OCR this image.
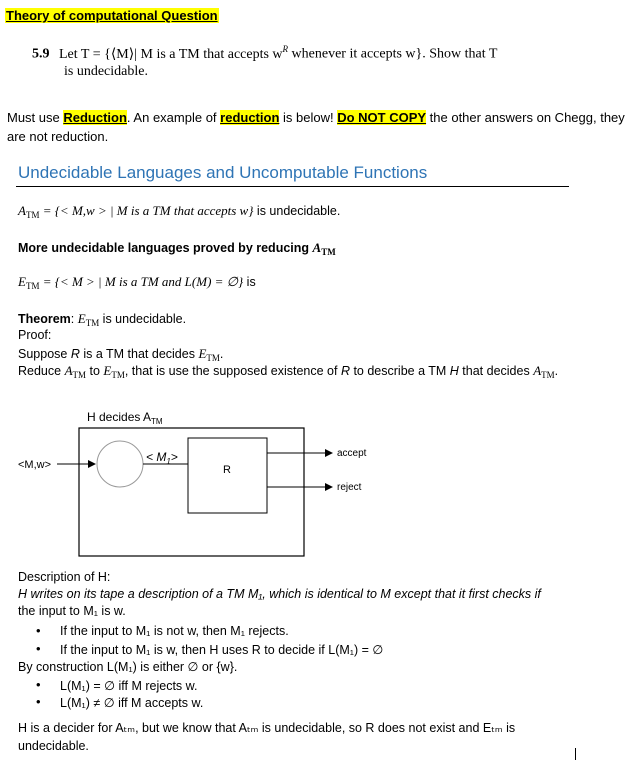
Theory of computational Question
5.9 Let T = {⟨M⟩| M is a TM that accepts $w^R$ whenever it accepts w}. Show that T
is undecidable.
Must use Reduction. An example of reduction is below! Do NOT COPY the other answers on Chegg, they
are not reduction.
Undecidable Languages and Uncomputable Functions
$A_{TM}$ = {< M,w > | M is a TM that accepts w} is undecidable.
More undecidable languages proved by reducing $A_{TM}$
$E_{TM}$ = {< M > | M is a TM and L(M) = ∅} is
Theorem: $E_{TM}$ is undecidable.
Proof:
Suppose R is a TM that decides $E_{TM}$.
Reduce $A_{TM}$ to $E_{TM}$, that is use the supposed existence of R to describe a TM H that decides $A_{TM}$.
H decides $A_{TM}$
<M,w>
< $M_1>$
R
accept
reject
Description of H:
H writes on its tape a description of a TM M₁, which is identical to M except that it first checks if
the input to M₁ is w.
• If the input to M₁ is not w, then M₁ rejects.
• If the input to M₁ is w, then H uses R to decide if L(M₁) = ∅
By construction L(M₁) is either ∅ or {w}.
• L(M₁) = ∅ iff M rejects w.
• L(M₁) ≠ ∅ iff M accepts w.
H is a decider for Aₜₘ, but we know that Aₜₘ is undecidable, so R does not exist and Eₜₘ is
undecidable.
